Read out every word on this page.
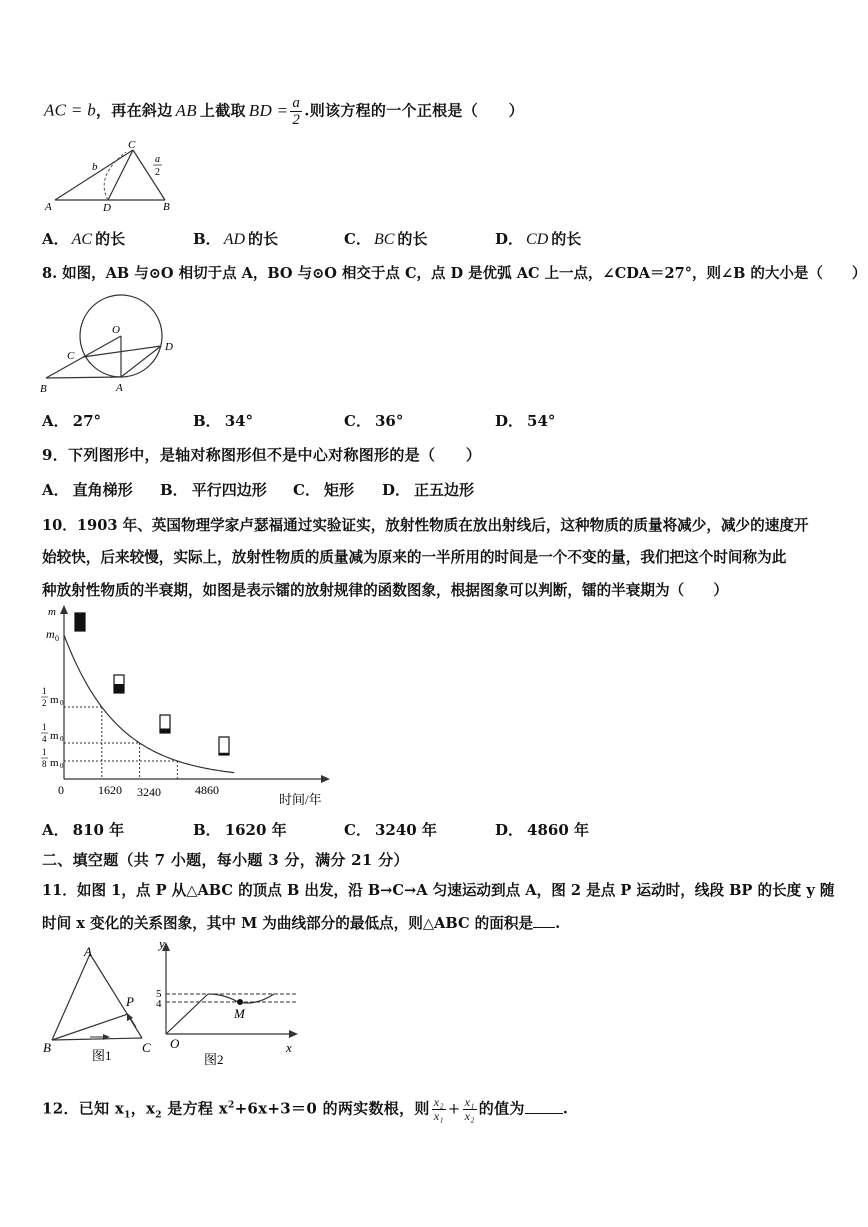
AC = b，再在斜边 AB 上截取 BD = $\frac{a}{2}$ .则该方程的一个正根是（　　）
C
A	D	B
b
a
2
A． AC 的长	B． AD 的长	C． BC 的长	D． CD 的长
8. 如图，AB 与⊙O 相切于点 A，BO 与⊙O 相交于点 C，点 D 是优弧 AC 上一点，∠CDA＝27°，则∠B 的大小是（　　）
O
C
D
B	A
A． 27°	B． 34°	C． 36°	D． 54°
9．下列图形中，是轴对称图形但不是中心对称图形的是（　　）
A． 直角梯形 B． 平行四边形 C． 矩形 D． 正五边形
10．1903 年、英国物理学家卢瑟福通过实验证实，放射性物质在放出射线后，这种物质的质量将减少，减少的速度开
始较快，后来较慢，实际上，放射性物质的质量减为原来的一半所用的时间是一个不变的量，我们把这个时间称为此
种放射性物质的半衰期，如图是表示镭的放射规律的函数图象，根据图象可以判断，镭的半衰期为（　　）
m
时间/年
0	1620 3240	4860
m 0
1
2 m 0
1
4 m 0
1
8 m 0
A． 810 年	B． 1620 年	C． 3240 年	D． 4860 年
二、填空题（共 7 小题，每小题 3 分，满分 21 分）
11．如图 1，点 P 从△ABC 的顶点 B 出发，沿 B→C→A 匀速运动到点 A，图 2 是点 P 运动时，线段 BP 的长度 y 随
时间 x 变化的关系图象，其中 M 为曲线部分的最低点，则△ABC 的面积是 .
A
B	C
P
图1
y
x
O
M
5
4
图2
12．已知 $x_1$，$x_2$ 是方程 $x^2+6x+3=0$ 的两实数根，则 $\frac{\text{x₂}}{\text{x₁}} + \frac{\text{x₁}}{\text{x₂}}$ 的值为	.
